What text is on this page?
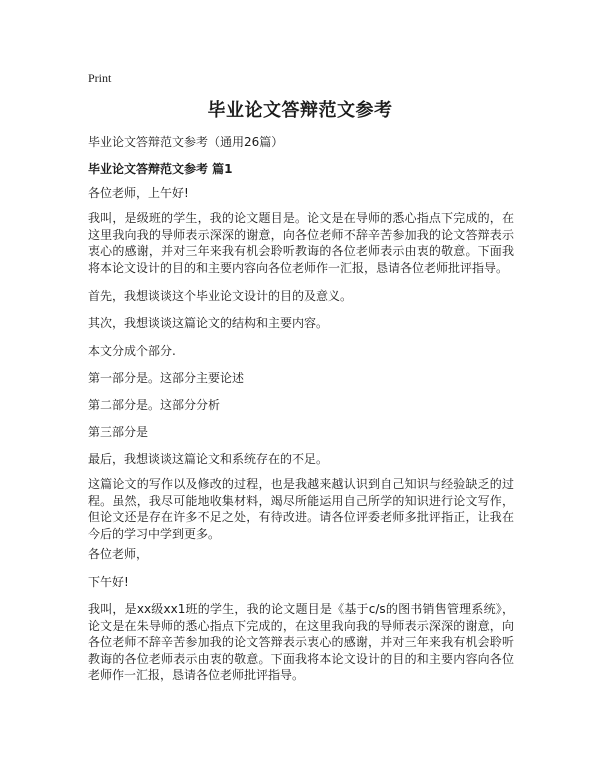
Print
毕业论文答辩范文参考
毕业论文答辩范文参考（通用26篇）
毕业论文答辩范文参考 篇1
各位老师，上午好!
我叫，是级班的学生，我的论文题目是。论文是在导师的悉心指点下完成的，在这里我向我的导师表示深深的谢意，向各位老师不辞辛苦参加我的论文答辩表示衷心的感谢，并对三年来我有机会聆听教诲的各位老师表示由衷的敬意。下面我将本论文设计的目的和主要内容向各位老师作一汇报，恳请各位老师批评指导。
首先，我想谈谈这个毕业论文设计的目的及意义。
其次，我想谈谈这篇论文的结构和主要内容。
本文分成个部分.
第一部分是。这部分主要论述
第二部分是。这部分分析
第三部分是
最后，我想谈谈这篇论文和系统存在的不足。
这篇论文的写作以及修改的过程，也是我越来越认识到自己知识与经验缺乏的过程。虽然，我尽可能地收集材料，竭尽所能运用自己所学的知识进行论文写作，但论文还是存在许多不足之处，有待改进。请各位评委老师多批评指正，让我在今后的学习中学到更多。
各位老师，
下午好!
我叫，是xx级xx1班的学生，我的论文题目是《基于c/s的图书销售管理系统》，论文是在朱导师的悉心指点下完成的，在这里我向我的导师表示深深的谢意，向各位老师不辞辛苦参加我的论文答辩表示衷心的感谢，并对三年来我有机会聆听教诲的各位老师表示由衷的敬意。下面我将本论文设计的目的和主要内容向各位老师作一汇报，恳请各位老师批评指导。
